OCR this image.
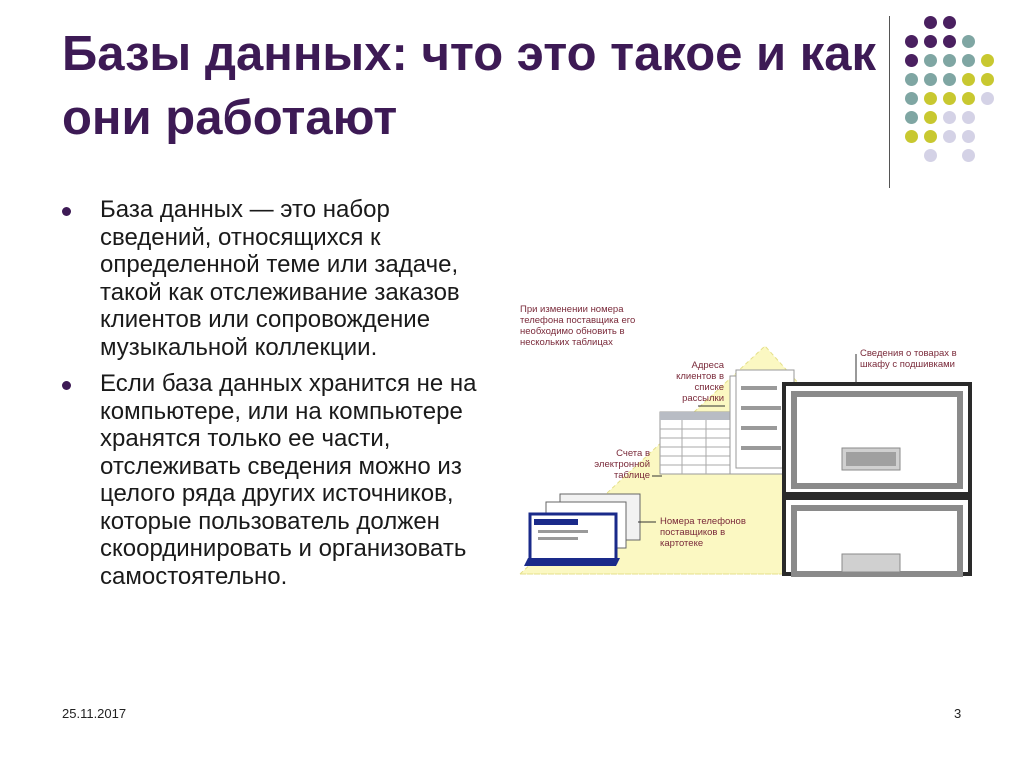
Базы данных: что это такое и как они работают
База данных — это набор сведений, относящихся к определенной теме или задаче, такой как отслеживание заказов клиентов или сопровождение музыкальной коллекции.
Если база данных хранится не на компьютере, или на компьютере хранятся только ее части, отслеживать сведения можно из целого ряда других источников, которые пользователь должен скоординировать и организовать самостоятельно.
При изменении номера телефона поставщика его необходимо обновить в нескольких таблицах
Адреса клиентов в списке рассылки
Счета в электронной таблице
Номера телефонов поставщиков в картотеке
Сведения о товарах в шкафу с подшивками
25.11.2017	3
